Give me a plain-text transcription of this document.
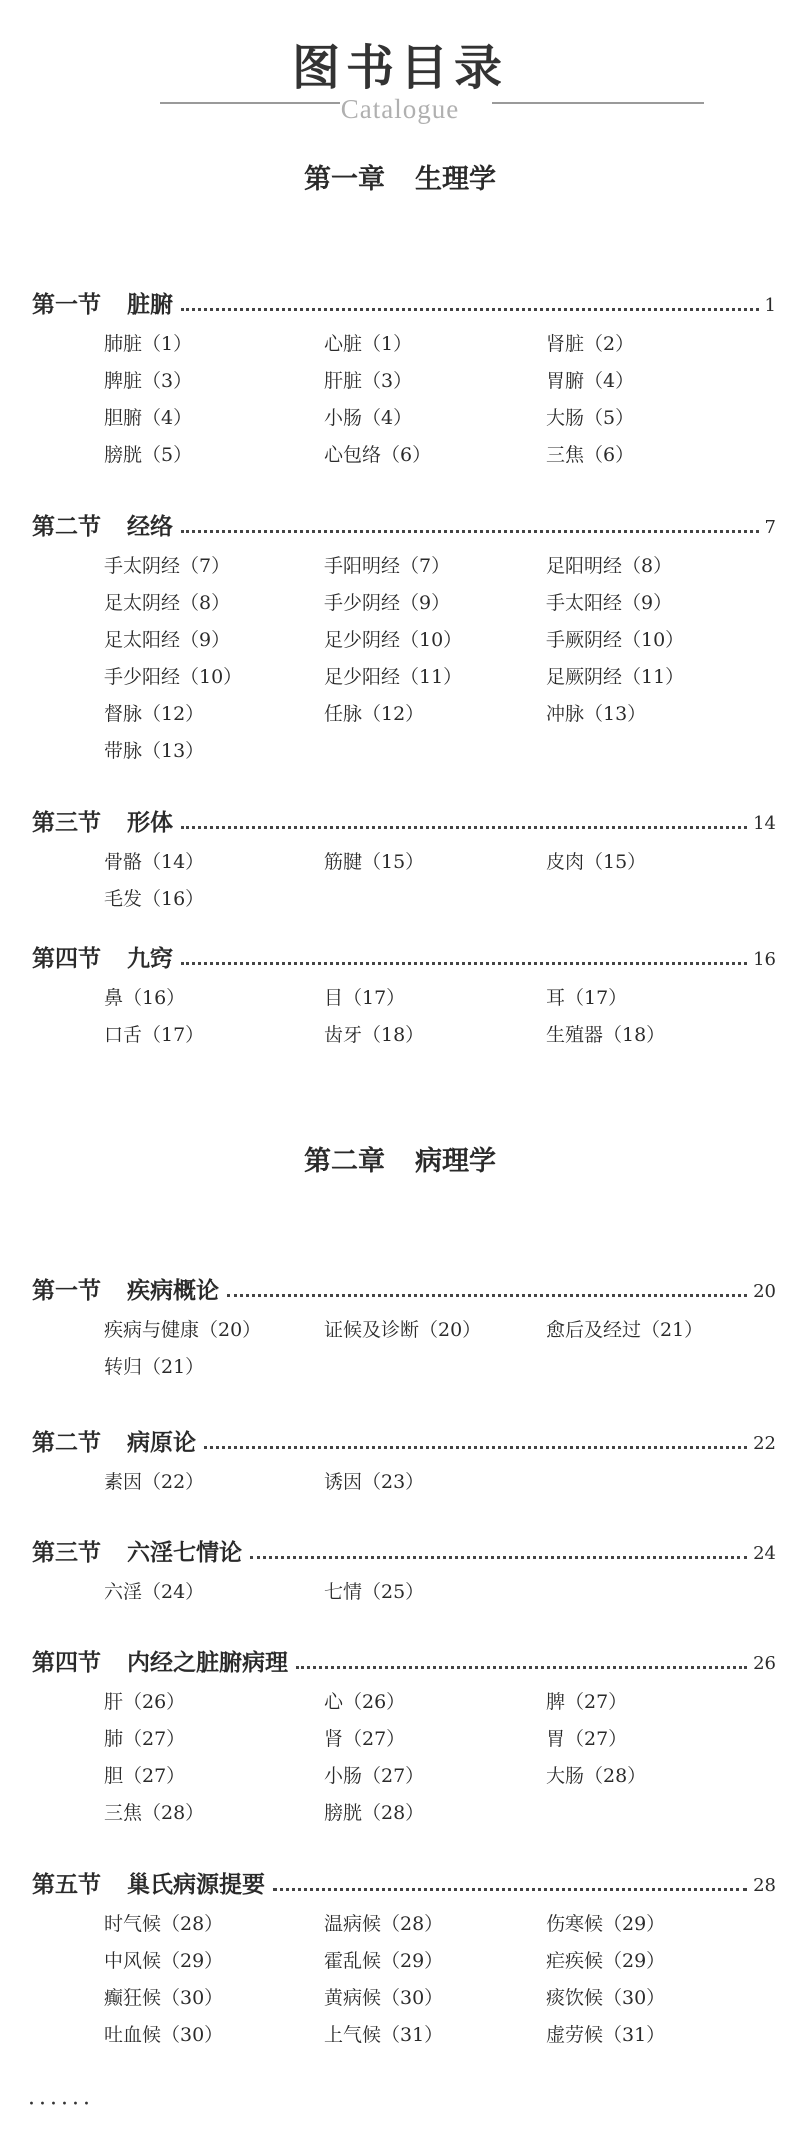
图书目录
Catalogue
第一章 生理学
第一节 脏腑	1
肺脏（1）	心脏（1）	肾脏（2）
脾脏（3）	肝脏（3）	胃腑（4）
胆腑（4）	小肠（4）	大肠（5）
膀胱（5）	心包络（6）	三焦（6）
第二节 经络	7
手太阴经（7）	手阳明经（7）	足阳明经（8）
足太阴经（8）	手少阴经（9）	手太阳经（9）
足太阳经（9）	足少阴经（10）	手厥阴经（10）
手少阳经（10）	足少阳经（11）	足厥阴经（11）
督脉（12）	任脉（12）	冲脉（13）
带脉（13）
第三节 形体	14
骨骼（14）	筋腱（15）	皮肉（15）
毛发（16）
第四节 九窍	16
鼻（16）	目（17）	耳（17）
口舌（17）	齿牙（18）	生殖器（18）
第二章 病理学
第一节 疾病概论	20
疾病与健康（20）	证候及诊断（20）	愈后及经过（21）
转归（21）
第二节 病原论	22
素因（22）	诱因（23）
第三节 六淫七情论	24
六淫（24）	七情（25）
第四节 内经之脏腑病理	26
肝（26）	心（26）	脾（27）
肺（27）	肾（27）	胃（27）
胆（27）	小肠（27）	大肠（28）
三焦（28）	膀胱（28）
第五节 巢氏病源提要	28
时气候（28）	温病候（28）	伤寒候（29）
中风候（29）	霍乱候（29）	疟疾候（29）
癫狂候（30）	黄病候（30）	痰饮候（30）
吐血候（30）	上气候（31）	虚劳候（31）
······
